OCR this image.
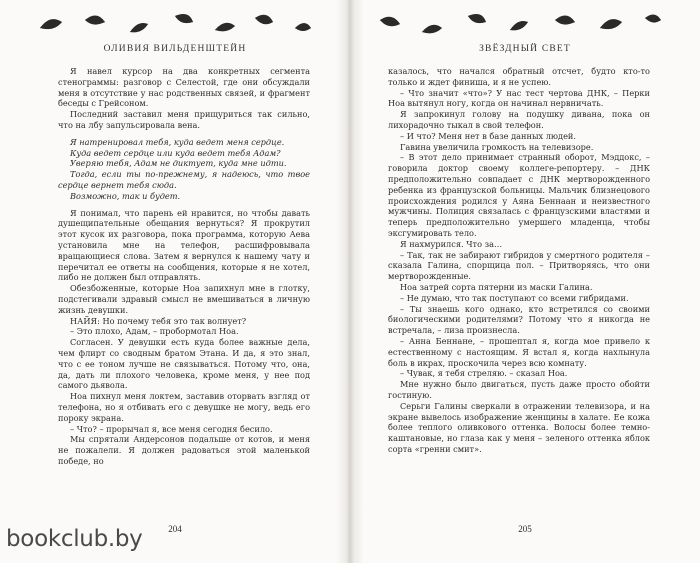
ОЛИВИЯ ВИЛЬДЕНШТЕЙН

Я навел курсор на два конкретных сегмента стенограммы: разговор с Селестой, где они обсуждали меня в отсутствие у нас родственных связей, и фрагмент беседы с Грейсоном.

Последний заставил меня прищуриться так сильно, что на лбу запульсировала вена.

Я натренировал тебя, куда ведет меня сердце.

Куда ведет сердце или куда ведет тебя Адам?

Уверяю тебя, Адам не диктует, куда мне идти.

Тогда, если ты по-прежнему, я надеюсь, что твое сердце вернет тебя сюда.

Возможно, так и будет.

Я понимал, что парень ей нравится, но чтобы давать душещипательные обещания вернуться? Я прокрутил этот кусок их разговора, пока программа, которую Аева установила мне на телефон, расшифровывала вращающиеся слова. Затем я вернулся к нашему чату и перечитал ее ответы на сообщения, которые я не хотел, либо не должен был отправлять.

Обезбоженные, которые Ноа запихнул мне в глотку, подстегивали здравый смысл не вмешиваться в личную жизнь девушки.

НАЙЯ: Но почему тебя это так волнует?

– Это плохо, Адам, – пробормотал Ноа.

Согласен. У девушки есть куда более важные дела, чем флирт со сводным братом Этана. И да, я это знал, что с ее тоном лучше не связываться. Потому что, она, да, дать ли плохого человека, кроме меня, у нее под самого дьявола.

Ноа пихнул меня локтем, заставив оторвать взгляд от телефона, но я отбивать его с девушке не могу, ведь его пороку экрана.

– Что? – прорычал я, все меня сегодня бесило.

Мы спрятали Андерсонов подальше от котов, и меня не пожалели. Я должен радоваться этой маленькой победе, но

204
ЗВЁЗДНЫЙ СВЕТ

казалось, что начался обратный отсчет, будто кто-то только и ждет финиша, и я не успею.

– Что значит «что»? У нас тест чертова ДНК, – Перки Ноа вытянул ногу, когда он начинал нервничать.

Я запрокинул голову на подушку дивана, пока он лихорадочно тыкал в свой телефон.

– И что? Меня нет в базе данных людей.

Гавина увеличила громкость на телевизоре.

– В этот дело принимает странный оборот, Мэддокс, – говорила доктор своему коллеге-репортеру. – ДНК предположительно совпадает с ДНК мертворожденного ребенка из французской больницы. Мальчик близнецового происхождения родился у Аяна Беннаан и неизвестного мужчины. Полиция связалась с французскими властями и теперь предположительно умершего младенца, чтобы эксгумировать тело.

Я нахмурился. Что за…

– Так, так не забирают гибридов у смертного родителя – сказала Галина, спорщица пол. – Притворяясь, что они мертворожденные.

Ноа затрей сорта пятерни из маски Галина.

– Не думаю, что так поступают со всеми гибридами.

– Ты знаешь кого однако, кто встретился со своими биологическими родителями? Потому что я никогда не встречала, – лиза произнесла.

– Анна Беннане, – прошептал я, когда мое привело к естественному с настоящим. Я встал я, когда нахлынула боль в икрах, проскочила через всю комнату.

– Чувак, я тебя стреляю. – сказал Ноа.

Мне нужно было двигаться, пусть даже просто обойти гостиную.

Серьги Галины сверкали в отражении телевизора, и на экране вывелось изображение женщины в халате. Ее кожа более теплого оливкового оттенка. Волосы более темно-каштановые, но глаза как у меня – зеленого оттенка яблок сорта «гренни смит».

205
bookclub.by
